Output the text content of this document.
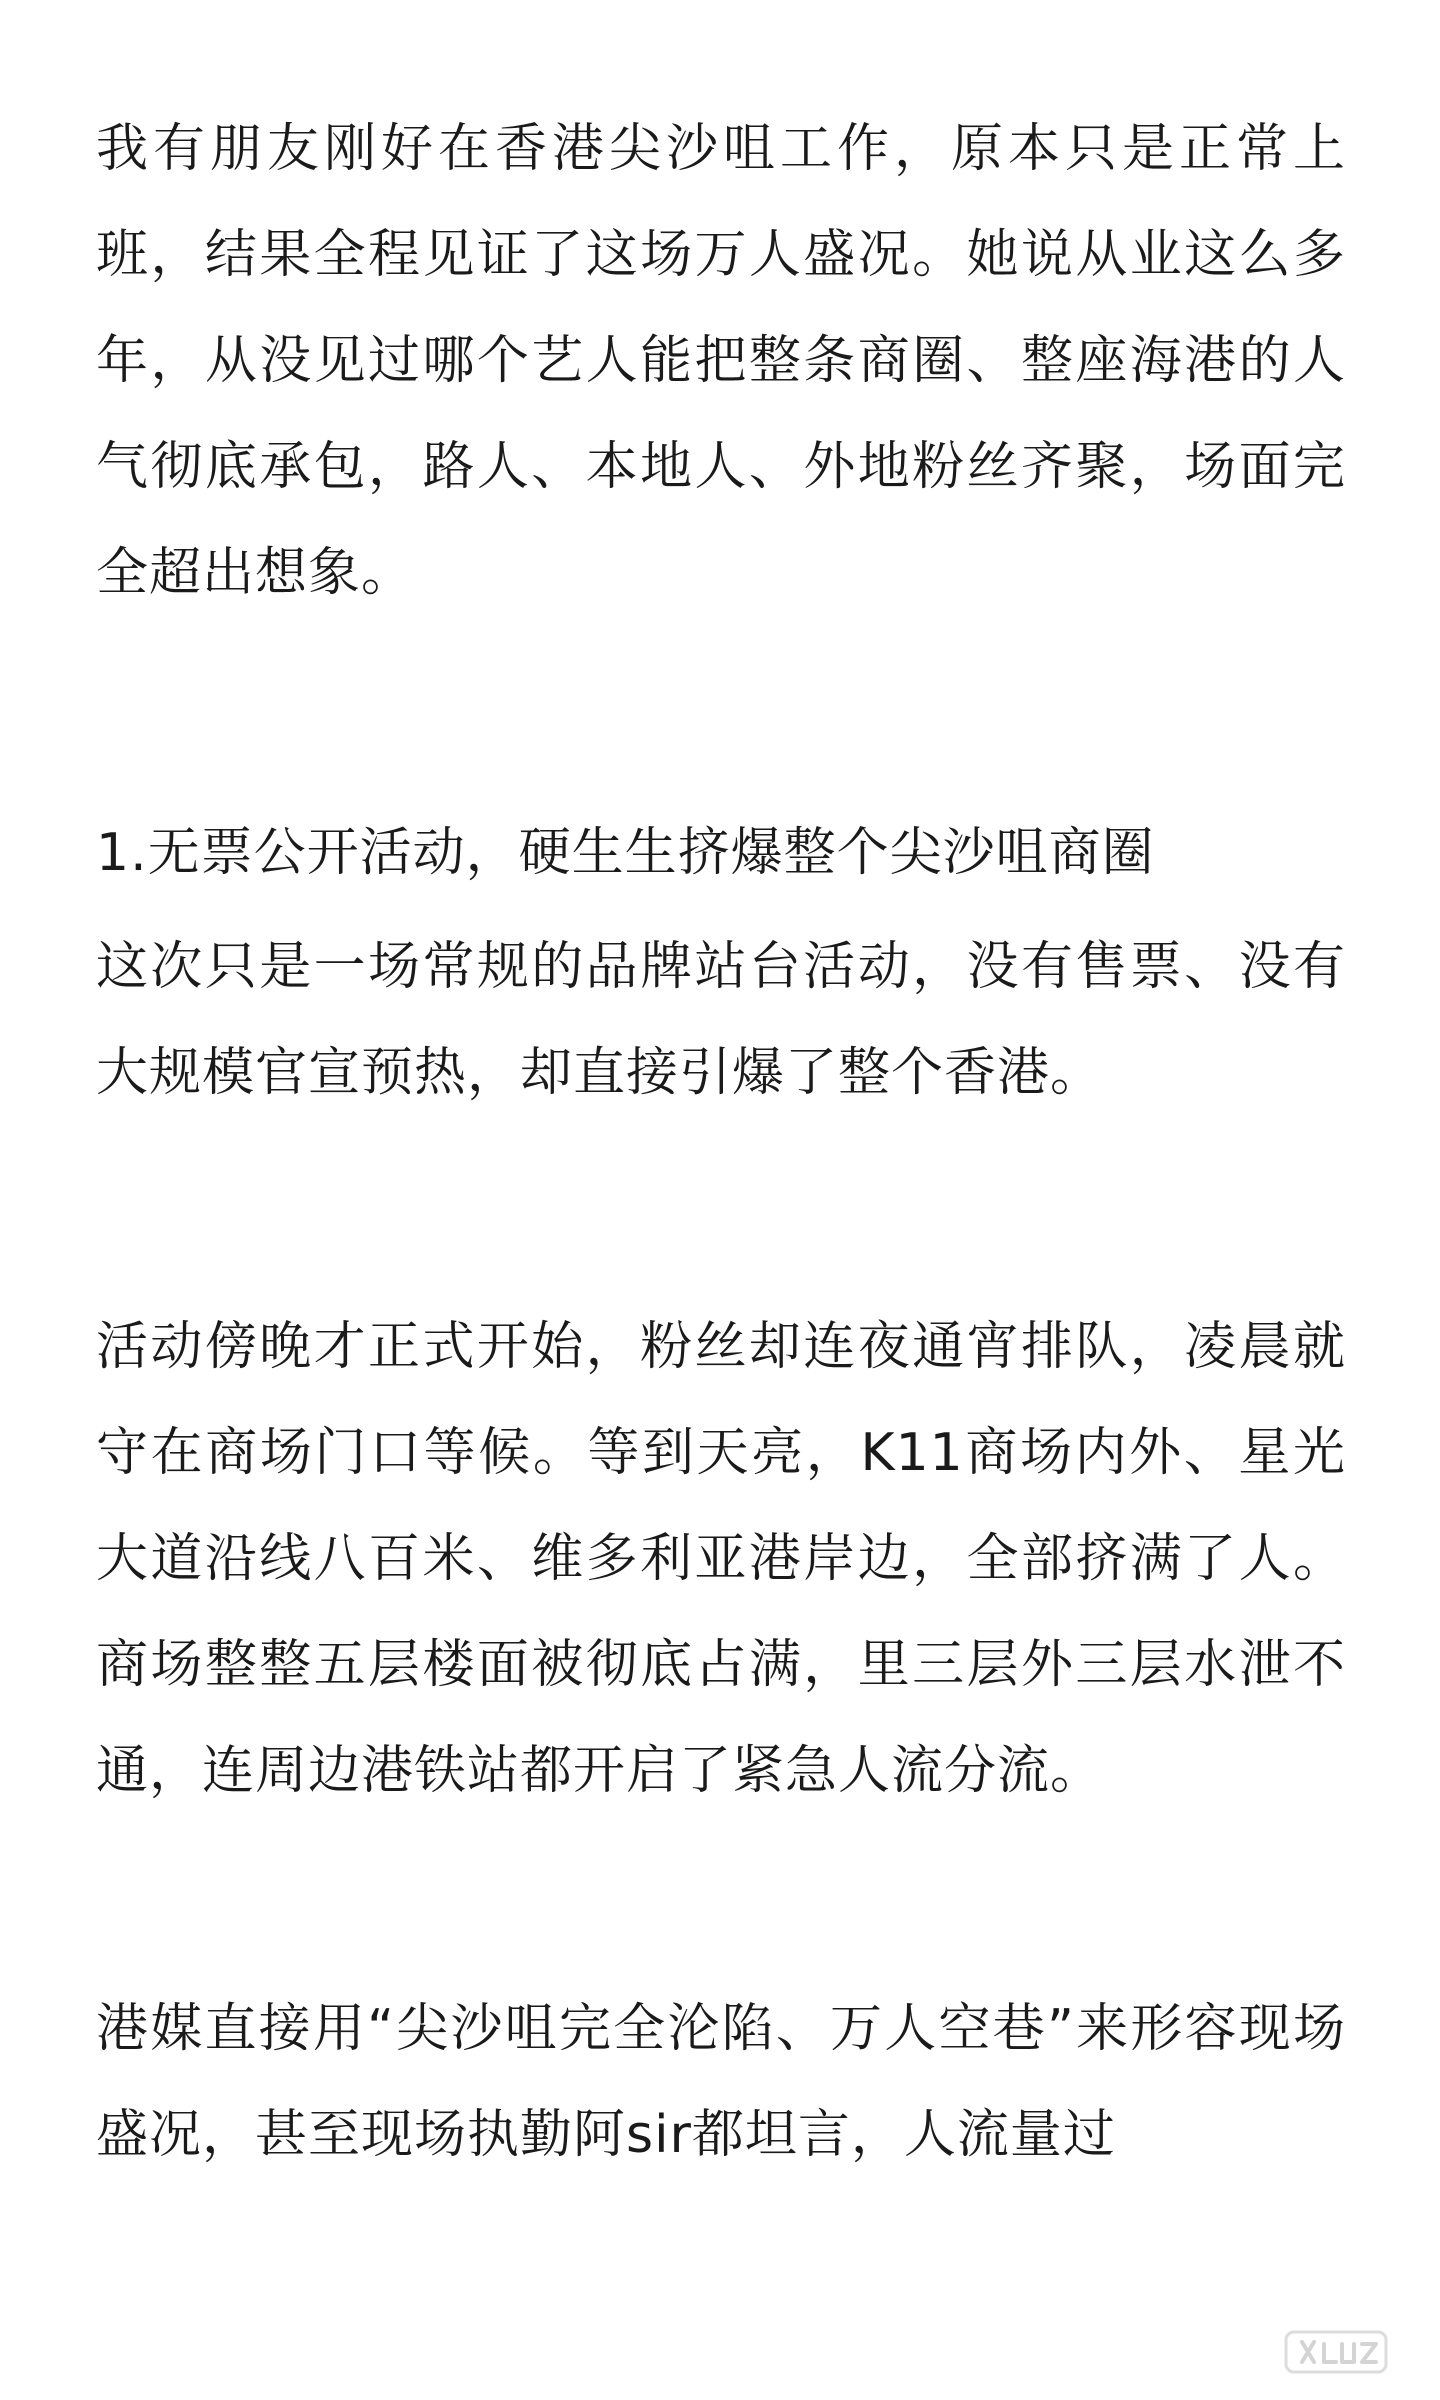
我有朋友刚好在香港尖沙咀工作，原本只是正常上班，结果全程见证了这场万人盛况。她说从业这么多年，从没见过哪个艺人能把整条商圈、整座海港的人气彻底承包，路人、本地人、外地粉丝齐聚，场面完全超出想象。

1.无票公开活动，硬生生挤爆整个尖沙咀商圈

这次只是一场常规的品牌站台活动，没有售票、没有大规模官宣预热，却直接引爆了整个香港。

活动傍晚才正式开始，粉丝却连夜通宵排队，凌晨就守在商场门口等候。等到天亮，K11商场内外、星光大道沿线八百米、维多利亚港岸边，全部挤满了人。商场整整五层楼面被彻底占满，里三层外三层水泄不通，连周边港铁站都开启了紧急人流分流。

港媒直接用“尖沙咀完全沦陷、万人空巷”来形容现场盛况，甚至现场执勤阿sir都坦言，人流量过
